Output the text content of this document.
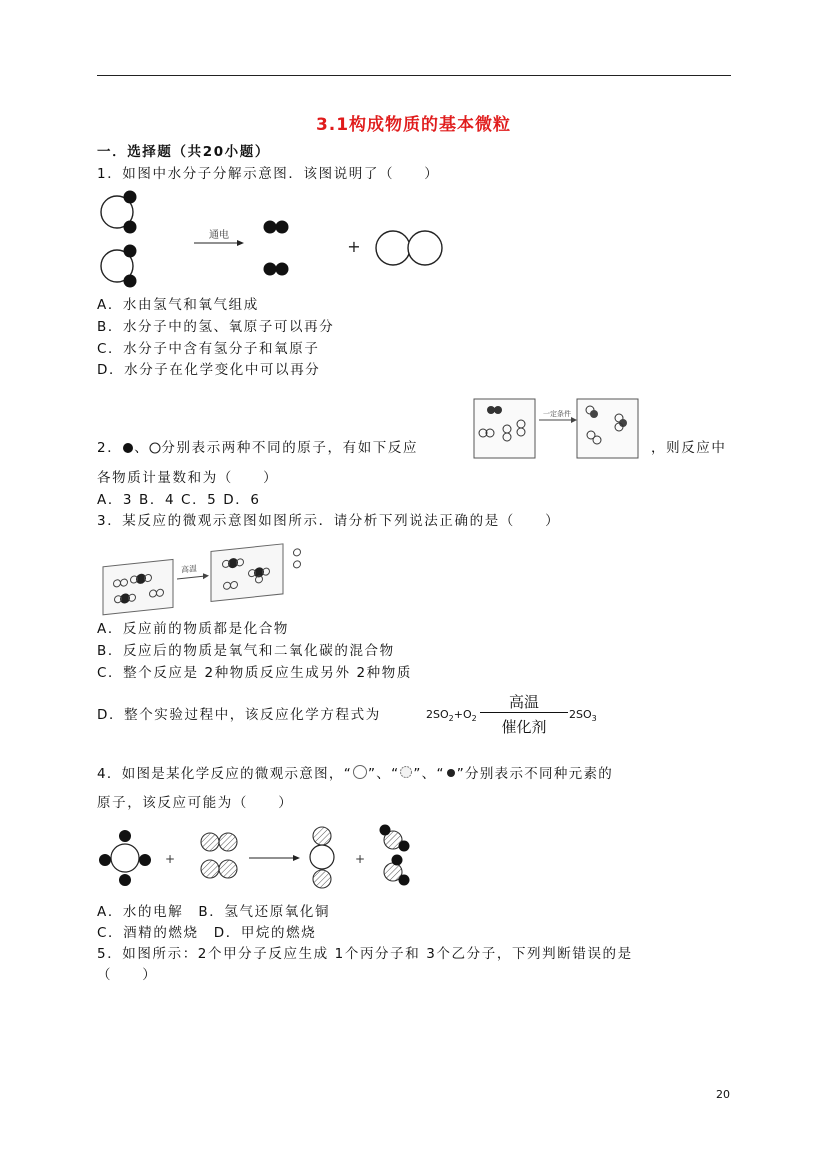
3.1构成物质的基本微粒
一．选择题（共20小题）
1．如图中水分子分解示意图．该图说明了（　　）
通电
+
A．水由氢气和氧气组成
B．水分子中的氢、氧原子可以再分
C．水分子中含有氢分子和氧原子
D．水分子在化学变化中可以再分
2． 、 分别表示两种不同的原子，有如下反应
一定条件
，则反应中
各物质计量数和为（　　）
A．3 B．4 C．5 D．6
3．某反应的微观示意图如图所示．请分析下列说法正确的是（　　）
高温
A．反应前的物质都是化合物
B．反应后的物质是氧气和二氧化碳的混合物
C．整个反应是 2种物质反应生成另外 2种物质
D．整个实验过程中，该反应化学方程式为	$2SO_2+O_2$
高温
催化剂
$2SO_3$
4．如图是某化学反应的微观示意图，“ ”、“ ”、“ ”分别表示不同种元素的
原子，该反应可能为（　　）
+	+
A．水的电解　B．氢气还原氧化铜
C．酒精的燃烧　D．甲烷的燃烧
5．如图所示：2个甲分子反应生成 1个丙分子和 3个乙分子，下列判断错误的是
（　　）
20
